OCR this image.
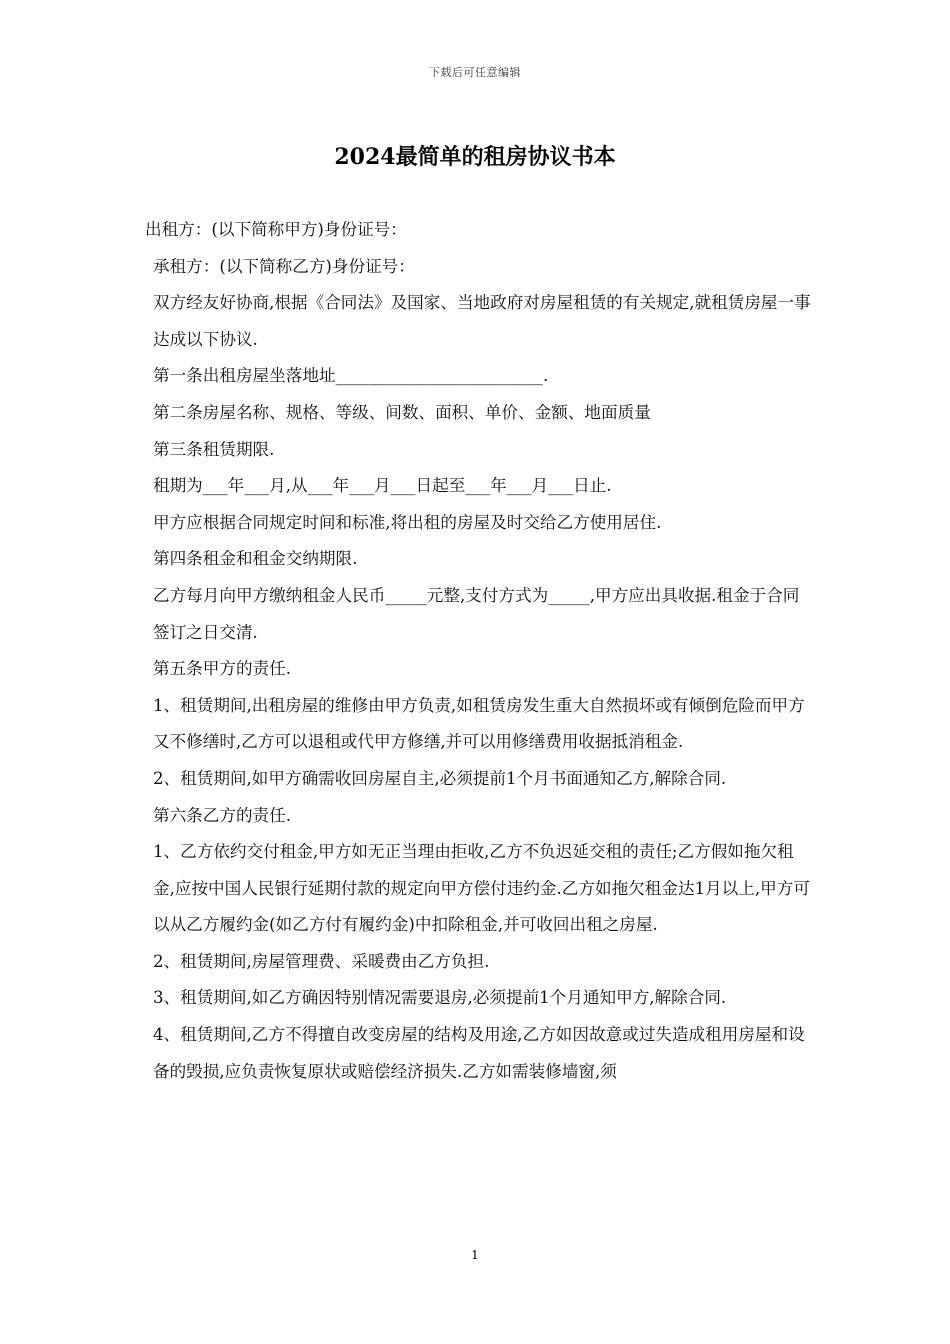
下载后可任意编辑
2024最简单的租房协议书本

出租方：(以下简称甲方)身份证号：

承租方：(以下简称乙方)身份证号：

双方经友好协商,根据《合同法》及国家、当地政府对房屋租赁的有关规定,就租赁房屋一事达成以下协议.

第一条出租房屋坐落地址_________________________.

第二条房屋名称、规格、等级、间数、面积、单价、金额、地面质量

第三条租赁期限.

租期为___年___月,从___年___月___日起至___年___月___日止.

甲方应根据合同规定时间和标准,将出租的房屋及时交给乙方使用居住.

第四条租金和租金交纳期限.

乙方每月向甲方缴纳租金人民币_____元整,支付方式为_____,甲方应出具收据.租金于合同签订之日交清.

第五条甲方的责任.

1、租赁期间,出租房屋的维修由甲方负责,如租赁房发生重大自然损坏或有倾倒危险而甲方又不修缮时,乙方可以退租或代甲方修缮,并可以用修缮费用收据抵消租金.

2、租赁期间,如甲方确需收回房屋自主,必须提前1个月书面通知乙方,解除合同.

第六条乙方的责任.

1、乙方依约交付租金,甲方如无正当理由拒收,乙方不负迟延交租的责任;乙方假如拖欠租金,应按中国人民银行延期付款的规定向甲方偿付违约金.乙方如拖欠租金达1月以上,甲方可以从乙方履约金(如乙方付有履约金)中扣除租金,并可收回出租之房屋.

2、租赁期间,房屋管理费、采暖费由乙方负担.

3、租赁期间,如乙方确因特别情况需要退房,必须提前1个月通知甲方,解除合同.

4、租赁期间,乙方不得擅自改变房屋的结构及用途,乙方如因故意或过失造成租用房屋和设备的毁损,应负责恢复原状或赔偿经济损失.乙方如需装修墙窗,须

1
